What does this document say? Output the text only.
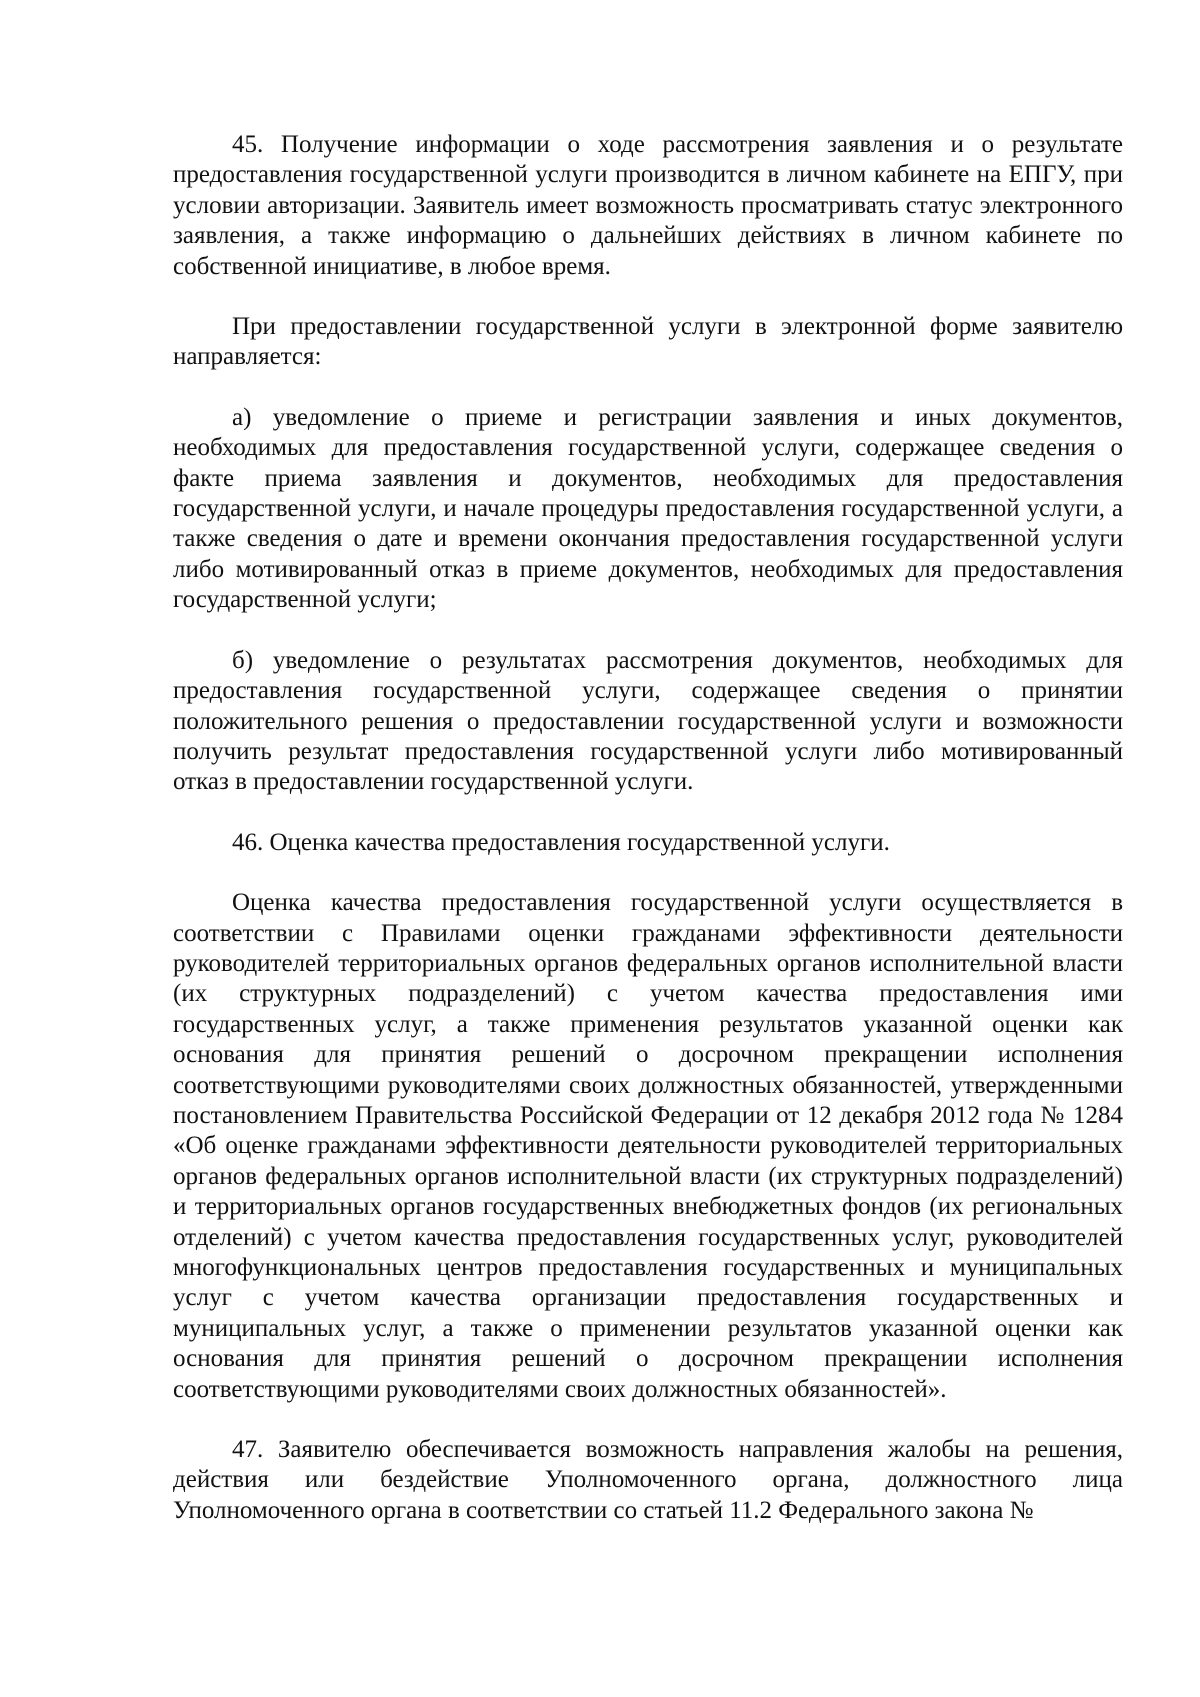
45. Получение информации о ходе рассмотрения заявления и о результате предоставления государственной услуги производится в личном кабинете на ЕПГУ, при условии авторизации. Заявитель имеет возможность просматривать статус электронного заявления, а также информацию о дальнейших действиях в личном кабинете по собственной инициативе, в любое время.

При предоставлении государственной услуги в электронной форме заявителю направляется:

а) уведомление о приеме и регистрации заявления и иных документов, необходимых для предоставления государственной услуги, содержащее сведения о факте приема заявления и документов, необходимых для предоставления государственной услуги, и начале процедуры предоставления государственной услуги, а также сведения о дате и времени окончания предоставления государственной услуги либо мотивированный отказ в приеме документов, необходимых для предоставления государственной услуги;

б) уведомление о результатах рассмотрения документов, необходимых для предоставления государственной услуги, содержащее сведения о принятии положительного решения о предоставлении государственной услуги и возможности получить результат предоставления государственной услуги либо мотивированный отказ в предоставлении государственной услуги.

46. Оценка качества предоставления государственной услуги.

Оценка качества предоставления государственной услуги осуществляется в соответствии с Правилами оценки гражданами эффективности деятельности руководителей территориальных органов федеральных органов исполнительной власти (их структурных подразделений) с учетом качества предоставления ими государственных услуг, а также применения результатов указанной оценки как основания для принятия решений о досрочном прекращении исполнения соответствующими руководителями своих должностных обязанностей, утвержденными постановлением Правительства Российской Федерации от 12 декабря 2012 года № 1284 «Об оценке гражданами эффективности деятельности руководителей территориальных органов федеральных органов исполнительной власти (их структурных подразделений) и территориальных органов государственных внебюджетных фондов (их региональных отделений) с учетом качества предоставления государственных услуг, руководителей многофункциональных центров предоставления государственных и муниципальных услуг с учетом качества организации предоставления государственных и муниципальных услуг, а также о применении результатов указанной оценки как основания для принятия решений о досрочном прекращении исполнения соответствующими руководителями своих должностных обязанностей».

47. Заявителю обеспечивается возможность направления жалобы на решения, действия или бездействие Уполномоченного органа, должностного лица Уполномоченного органа в соответствии со статьей 11.2 Федерального закона №
